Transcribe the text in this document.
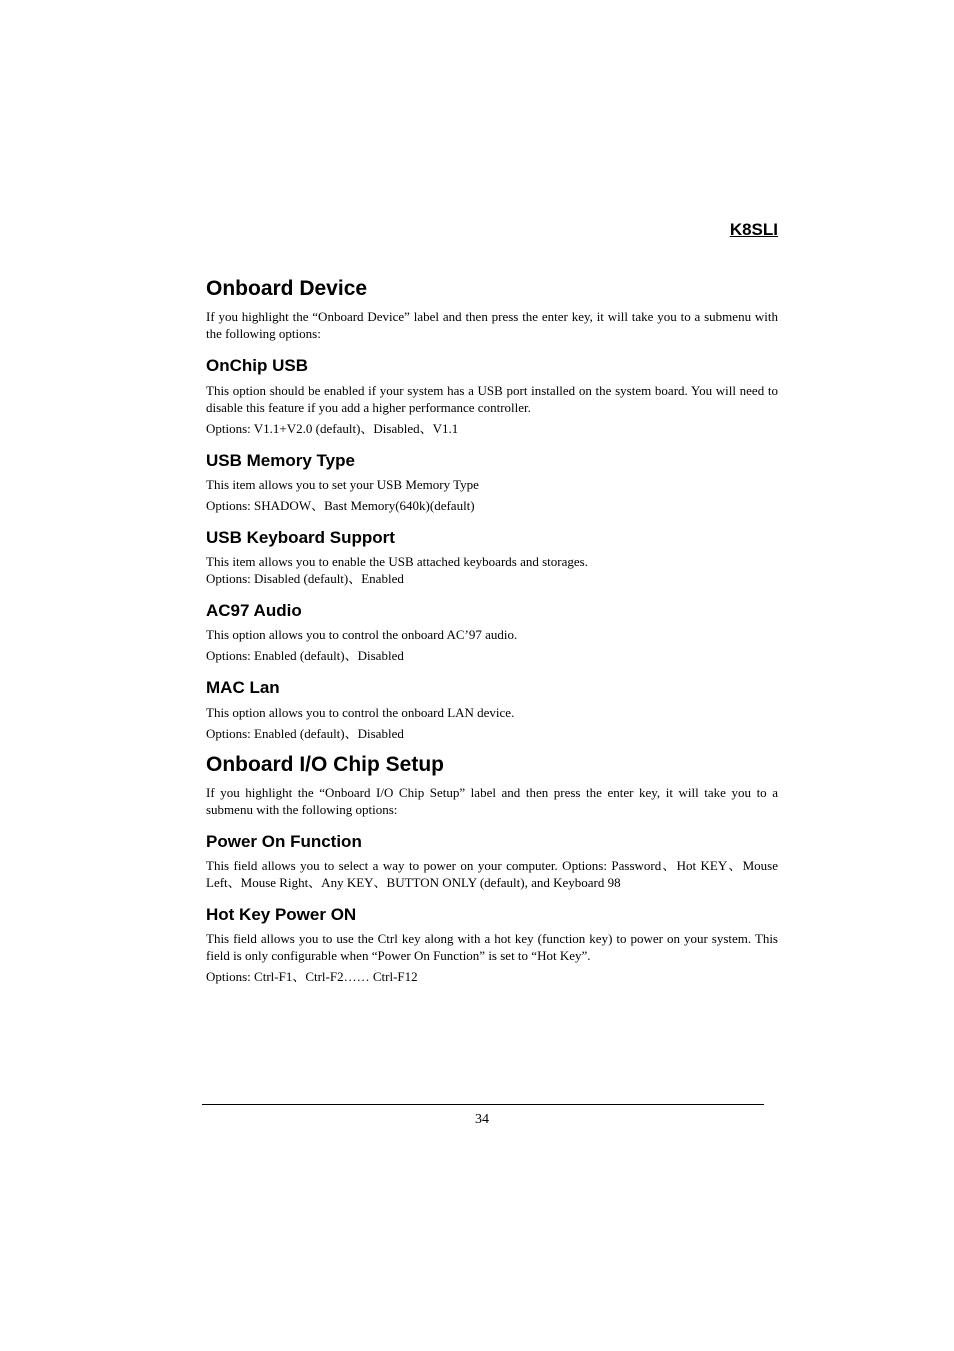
K8SLI
Onboard Device

If you highlight the “Onboard Device” label and then press the enter key, it will take you to a submenu with the following options:

OnChip USB

This option should be enabled if your system has a USB port installed on the system board. You will need to disable this feature if you add a higher performance controller.

Options: V1.1+V2.0 (default)、Disabled、V1.1

USB Memory Type

This item allows you to set your USB Memory Type

Options: SHADOW、Bast Memory(640k)(default)

USB Keyboard Support

This item allows you to enable the USB attached keyboards and storages.

Options: Disabled (default)、Enabled

AC97 Audio

This option allows you to control the onboard AC’97 audio.

Options: Enabled (default)、Disabled

MAC Lan

This option allows you to control the onboard LAN device.

Options: Enabled (default)、Disabled

Onboard I/O Chip Setup

If you highlight the “Onboard I/O Chip Setup” label and then press the enter key, it will take you to a submenu with the following options:

Power On Function

This field allows you to select a way to power on your computer. Options: Password、Hot KEY、Mouse Left、Mouse Right、Any KEY、BUTTON ONLY (default), and Keyboard 98

Hot Key Power ON

This field allows you to use the Ctrl key along with a hot key (function key) to power on your system. This field is only configurable when “Power On Function” is set to “Hot Key”.

Options: Ctrl-F1、Ctrl-F2…… Ctrl-F12

34
